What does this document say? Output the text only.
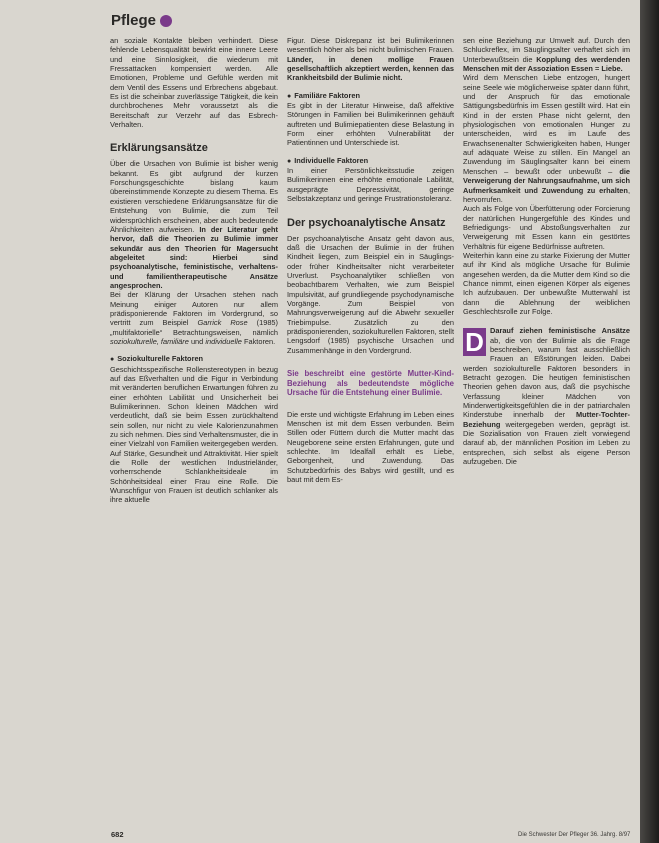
Pflege

an soziale Kontakte bleiben verhindert. Diese fehlende Lebensqualität bewirkt eine innere Leere und eine Sinnlosigkeit, die wiederum mit Fressattacken kompensiert werden. Alle Emotionen, Probleme und Gefühle werden mit dem Ventil des Essens und Erbrechens abgebaut. Es ist die scheinbar zuverlässige Tätigkeit, die kein durchbrochenes Mehr voraussetzt als die Bereitschaft zur Verzehr auf das Esbrech-Verhalten.

Erklärungsansätze

Über die Ursachen von Bulimie ist bisher wenig bekannt. Es gibt aufgrund der kurzen Forschungsgeschichte bislang kaum übereinstimmende Konzepte zu diesem Thema. Es existieren verschiedene Erklärungsansätze für die Entstehung von Bulimie, die zum Teil widersprüchlich erscheinen, aber auch bedeutende Ähnlichkeiten aufweisen. In der Literatur geht hervor, daß die Theorien zu Bulimie immer sekundär aus den Theorien für Magersucht abgeleitet sind: Hierbei sind psychoanalytische, feministische, verhaltens- und familientherapeutische Ansätze angesprochen.

Bei der Klärung der Ursachen stehen nach Meinung einiger Autoren nur allem prädisponierende Faktoren im Vordergrund, so vertritt zum Beispiel Garrick Rose (1985) „multifaktorielle“ Betrachtungsweisen, nämlich soziokulturelle, familiäre und individuelle Faktoren.

● Soziokulturelle Faktoren

Geschichtsspezifische Rollenstereotypen in bezug auf das Eßverhalten und die Figur in Verbindung mit veränderten beruflichen Erwartungen führen zu einer erhöhten Labilität und Unsicherheit bei Bulimikerinnen. Schon kleinen Mädchen wird verdeutlicht, daß sie beim Essen zurückhaltend sein sollen, nur nicht zu viele Kalorienzunahmen zu sich nehmen. Dies sind Verhaltensmuster, die in einer Vielzahl von Familien weitergegeben werden. Auf Stärke, Gesundheit und Attraktivität. Hier spielt die Rolle der westlichen Industrieländer, vorherrschende Schlankheitsideale im Schönheitsideal einer Frau eine Rolle. Die Wunschfigur von Frauen ist deutlich schlanker als ihre aktuelle

Figur. Diese Diskrepanz ist bei Bulimikerinnen wesentlich höher als bei nicht bulimischen Frauen. Länder, in denen mollige Frauen gesellschaftlich akzeptiert werden, kennen das Krankheitsbild der Bulimie nicht.

● Familiäre Faktoren

Es gibt in der Literatur Hinweise, daß affektive Störungen in Familien bei Bulimikerinnen gehäuft auftreten und Bulimiepatienten diese Belastung in Form einer erhöhten Vulnerabilität der Patientinnen und Unterschiede ist.

● Individuelle Faktoren

In einer Persönlichkeitsstudie zeigen Bulimikerinnen eine erhöhte emotionale Labilität, ausgeprägte Depressivität, geringe Selbstakzeptanz und geringe Frustrationstoleranz.

Der psychoanalytische Ansatz

Der psychoanalytische Ansatz geht davon aus, daß die Ursachen der Bulimie in der frühen Kindheit liegen, zum Beispiel ein in Säuglings- oder früher Kindheitsalter nicht verarbeiteter Urverlust. Psychoanalytiker schließen von beobachtbarem Verhalten, wie zum Beispiel Impulsivität, auf grundliegende psychodynamische Vorgänge. Zum Beispiel von Mahrungsverweigerung auf die Abwehr sexueller Triebimpulse. Zusätzlich zu den prädisponierenden, soziokulturellen Faktoren, stellt Lengsdorf (1985) psychische Ursachen und Zusammenhänge in den Vordergrund.

Sie beschreibt eine gestörte Mutter-Kind-Beziehung als bedeutendste mögliche Ursache für die Entstehung einer Bulimie.

Die erste und wichtigste Erfahrung im Leben eines Menschen ist mit dem Essen verbunden. Beim Stillen oder Füttern durch die Mutter macht das Neugeborene seine ersten Erfahrungen, gute und schlechte. Im Idealfall erhält es Liebe, Geborgenheit, und Zuwendung. Das Schutzbedürfnis des Babys wird gestillt, und es baut mit dem Es-

sen eine Beziehung zur Umwelt auf. Durch den Schluckreflex, im Säuglingsalter verhaftet sich im Unterbewußtsein die Kopplung des werdenden Menschen mit der Assoziation Essen = Liebe.

Wird dem Menschen Liebe entzogen, hungert seine Seele wie möglicherweise später dann führt, und der Anspruch für das emotionale Sättigungsbedürfnis im Essen gestillt wird. Hat ein Kind in der ersten Phase nicht gelernt, den physiologischen von emotionalen Hunger zu unterscheiden, wird es im Laufe des Erwachsenenalter Schwierigkeiten haben, Hunger auf adäquate Weise zu stillen. Ein Mangel an Zuwendung im Säuglingsalter kann bei einem Menschen – bewußt oder unbewußt – die Verweigerung der Nahrungsaufnahme, um sich Aufmerksamkeit und Zuwendung zu erhalten, hervorrufen.

Auch als Folge von Überfütterung oder Forcierung der natürlichen Hungergefühle des Kindes und Befriedigungs- und Abstoßungsverhalten zur Verweigerung mit Essen kann ein gestörtes Verhältnis für eigene Bedürfnisse auftreten.

Weiterhin kann eine zu starke Fixierung der Mutter auf ihr Kind als mögliche Ursache für Bulimie angesehen werden, da die Mutter dem Kind so die Chance nimmt, einen eigenen Körper als eigenes Ich aufzubauen. Der unbewußte Mutterwahl ist dann die Ablehnung der weiblichen Geschlechtsrolle zur Folge.

D Darauf ziehen feministische Ansätze ab, die von der Bulimie als die Frage beschreiben, warum fast ausschließlich Frauen an Eßstörungen leiden. Dabei werden soziokulturelle Faktoren besonders in Betracht gezogen. Die heutigen feministischen Theorien gehen davon aus, daß die psychische Verfassung kleiner Mädchen von Minderwertigkeitsgefühlen die in der patriarchalen Kinderstube innerhalb der Mutter-Tochter-Beziehung weitergegeben werden, geprägt ist. Die Sozialisation von Frauen zielt vorwiegend darauf ab, der männlichen Position im Leben zu entsprechen, sich selbst als eigene Person aufzugeben. Die
682	Die Schwester Der Pfleger 36. Jahrg. 8/97
